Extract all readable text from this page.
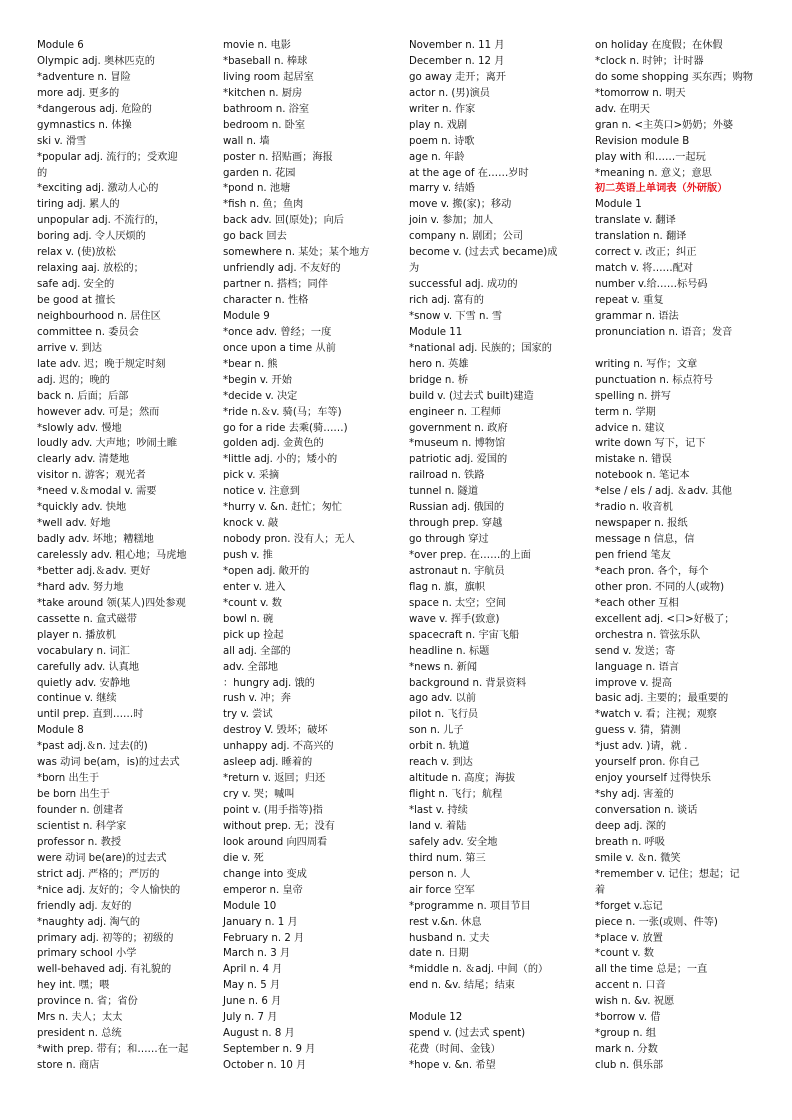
Module 6
Olympic adj. 奥林匹克的
*adventure n. 冒险
more adj. 更多的
*dangerous adj. 危险的
gymnastics n. 体操
ski v. 滑雪
*popular adj. 流行的；受欢迎
的
*exciting adj. 激动人心的
tiring adj. 累人的
unpopular adj. 不流行的，
boring adj. 令人厌烦的
relax v. (使)放松
relaxing aaj. 放松的；
safe adj. 安全的
be good at 擅长
neighbourhood n. 居住区
committee n. 委员会
arrive v. 到达
late adv. 迟；晚于规定时刻
adj. 迟的；晚的
back n. 后面；后部
however adv. 可是；然而
*slowly adv. 慢地
loudly adv. 大声地；吵闹土睢
clearly adv. 清楚地
visitor n. 游客；观光者
*need v.＆modal v. 需要
*quickly adv. 快地
*well adv. 好地
badly adv. 坏地；糟糕地
carelessly adv. 粗心地；马虎地
*better adj.＆adv. 更好
*hard adv. 努力地
*take around 领(某人)四处参观
cassette n. 盒式磁带
player n. 播放机
vocabulary n. 词汇
carefully adv. 认真地
quietly adv. 安静地
continue v. 继续
until prep. 直到……时
Module 8
*past adj.＆n. 过去(的)
was 动词 be(am，is)的过去式
*born 出生于
be born 出生于
founder n. 创建者
scientist n. 科学家
professor n. 教授
were 动词 be(are)的过去式
strict adj. 严格的；严厉的
*nice adj. 友好的；令人愉快的
friendly adj. 友好的
*naughty adj. 淘气的
primary adj. 初等的；初级的
primary school 小学
well-behaved adj. 有礼貌的
hey int. 嘿；喂
province n. 省；省份
Mrs n. 夫人；太太
president n. 总统
*with prep. 带有；和……在一起
store n. 商店
movie n. 电影
*baseball n. 棒球
living room 起居室
*kitchen n. 厨房
bathroom n. 浴室
bedroom n. 卧室
wall n. 墙
poster n. 招贴画；海报
garden n. 花园
*pond n. 池塘
*fish n. 鱼；鱼肉
back adv. 回(原处)；向后
go back 回去
somewhere n. 某处；某个地方
unfriendly adj. 不友好的
partner n. 搭档；同伴
character n. 性格
Module 9
*once adv. 曾经；一度
once upon a time 从前
*bear n. 熊
*begin v. 开始
*decide v. 决定
*ride n.＆v. 骑(马；车等)
go for a ride 去乘(骑……)
golden adj. 金黄色的
*little adj. 小的；矮小的
pick v. 采摘
notice v. 注意到
*hurry v. &n. 赶忙；匆忙
knock v. 敲
nobody pron. 没有人；无人
push v. 推
*open adj. 敞开的
enter v. 进入
*count v. 数
bowl n. 碗
pick up 捡起
all adj. 全部的
adv. 全部地
：hungry adj. 饿的
rush v. 冲；奔
try v. 尝试
destroy V. 毁坏；破坏
unhappy adj. 不高兴的
asleep adj. 睡着的
*return v. 返回；归还
cry v. 哭；喊叫
point v. (用手指等)指
without prep. 无；没有
look around 向四周看
die v. 死
change into 变成
emperor n. 皇帝
Module 10
January n. 1 月
February n. 2 月
March n. 3 月
April n. 4 月
May n. 5 月
June n. 6 月
July n. 7 月
August n. 8 月
September n. 9 月
October n. 10 月
November n. 11 月
December n. 12 月
go away 走开；离开
actor n. (男)演员
writer n. 作家
play n. 戏剧
poem n. 诗歌
age n. 年龄
at the age of 在……岁时
marry v. 结婚
move v. 搬(家)；移动
join v. 参加；加人
company n. 剧团；公司
become v. (过去式 became)成
为
successful adj. 成功的
rich adj. 富有的
*snow v. 下雪 n. 雪
Module 11
*national adj. 民族的；国家的
hero n. 英雄
bridge n. 桥
build v. (过去式 built)建造
engineer n. 工程师
government n. 政府
*museum n. 博物馆
patriotic adj. 爱国的
railroad n. 铁路
tunnel n. 隧道
Russian adj. 俄国的
through prep. 穿越
go through 穿过
*over prep. 在……的上面
astronaut n. 宇航员
flag n. 旗，旗帜
space n. 太空；空间
wave v. 挥手(致意)
spacecraft n. 宇宙飞船
headline n. 标题
*news n. 新闻
background n. 背景资料
ago adv. 以前
pilot n. 飞行员
son n. 儿子
orbit n. 轨道
reach v. 到达
altitude n. 高度；海拔
flight n. 飞行；航程
*last v. 持续
land v. 着陆
safely adv. 安全地
third num. 第三
person n. 人
air force 空军
*programme n. 项目节目
rest v.&n. 休息
husband n. 丈夫
date n. 日期
*middle n. ＆adj. 中间（的）
end n. &v. 结尾；结束
Module 12
spend v. (过去式 spent)
花费（时间、金钱）
*hope v. &n. 希望
on holiday 在度假；在休假
*clock n. 时钟；计时器
do some shopping 买东西；购物
*tomorrow n. 明天
adv. 在明天
gran n. <主英口>奶奶；外婆
Revision module B
play with 和……一起玩
*meaning n. 意义；意思
初二英语上单词表（外研版）
Module 1
translate v. 翻译
translation n. 翻译
correct v. 改正；纠正
match v. 将……配对
number v.给……标号码
repeat v. 重复
grammar n. 语法
pronunciation n. 语音；发音
writing n. 写作；文章
punctuation n. 标点符号
spelling n. 拼写
term n. 学期
advice n. 建议
write down 写下，记下
mistake n. 错误
notebook n. 笔记本
*else / els / adj. ＆adv. 其他
*radio n. 收音机
newspaper n. 报纸
message n 信息，信
pen friend 笔友
*each pron. 各个，每个
other pron. 不同的人(或物)
*each other 互相
excellent adj. <口>好极了；
orchestra n. 管弦乐队
send v. 发送；寄
language n. 语言
improve v. 提高
basic adj. 主要的；最重要的
*watch v. 看；注视；观察
guess v. 猜，猜测
*just adv. )请，就 .
yourself pron. 你自己
enjoy yourself 过得快乐
*shy adj. 害羞的
conversation n. 谈话
deep adj. 深的
breath n. 呼吸
smile v. ＆n. 微笑
*remember v. 记住；想起；记
着
*forget v.忘记
piece n. 一张(或则、件等)
*place v. 放置
*count v. 数
all the time 总是；一直
accent n. 口音
wish n. &v. 祝愿
*borrow v. 借
*group n. 组
mark n. 分数
club n. 俱乐部
